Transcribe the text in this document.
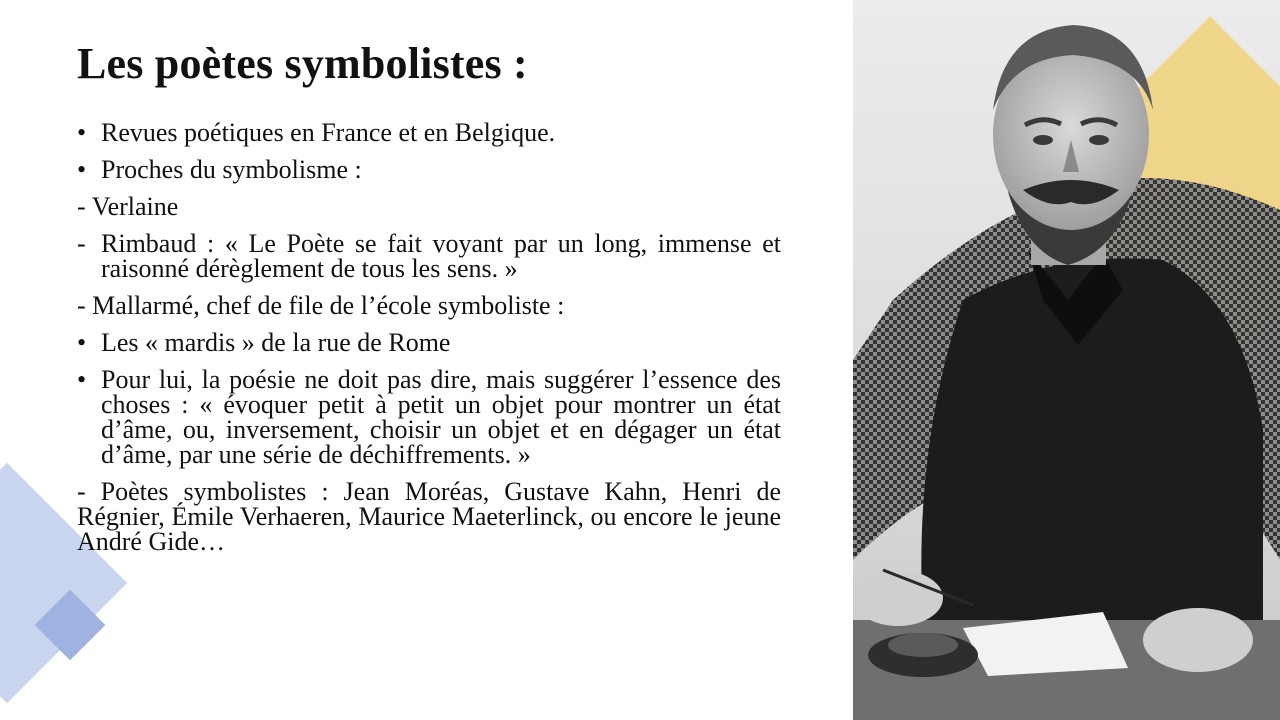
Les poètes symbolistes :
• Revues poétiques en France et en Belgique.
• Proches du symbolisme :
- Verlaine
- Rimbaud : « Le Poète se fait voyant par un long, immense et raisonné dérèglement de tous les sens. »
- Mallarmé, chef de file de l’école symboliste :
• Les « mardis » de la rue de Rome
• Pour lui, la poésie ne doit pas dire, mais suggérer l’essence des choses : « évoquer petit à petit un objet pour montrer un état d’âme, ou, inversement, choisir un objet et en dégager un état d’âme, par une série de déchiffrements. »
- Poètes symbolistes : Jean Moréas, Gustave Kahn, Henri de Régnier, Émile Verhaeren, Maurice Maeterlinck, ou encore le jeune André Gide…
